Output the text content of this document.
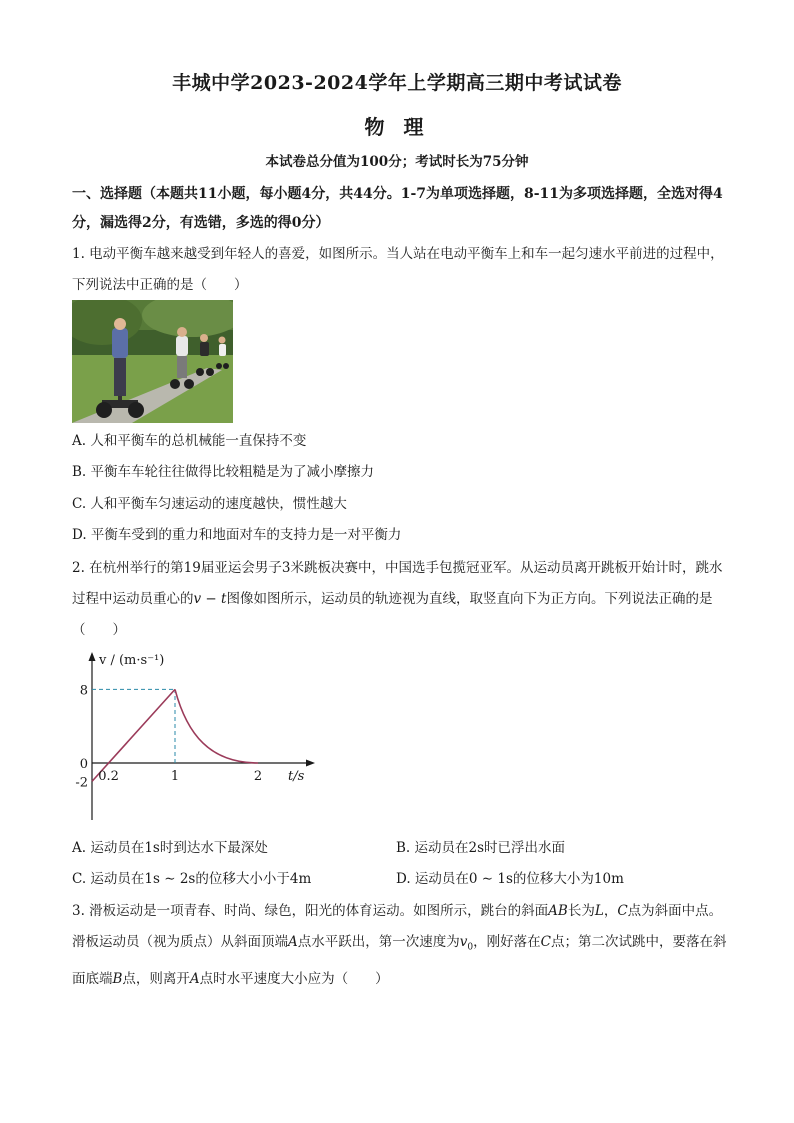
丰城中学2023-2024学年上学期高三期中考试试卷
物 理
本试卷总分值为100分；考试时长为75分钟
一、选择题（本题共11小题，每小题4分，共44分。1-7为单项选择题，8-11为多项选择题，全选对得4分，漏选得2分，有选错，多选的得0分）
1. 电动平衡车越来越受到年轻人的喜爱，如图所示。当人站在电动平衡车上和车一起匀速水平前进的过程中，下列说法中正确的是（　　）
A. 人和平衡车的总机械能一直保持不变
B. 平衡车车轮往往做得比较粗糙是为了减小摩擦力
C. 人和平衡车匀速运动的速度越快，惯性越大
D. 平衡车受到的重力和地面对车的支持力是一对平衡力
2. 在杭州举行的第19届亚运会男子3米跳板决赛中，中国选手包揽冠亚军。从运动员离开跳板开始计时，跳水过程中运动员重心的v − t图像如图所示，运动员的轨迹视为直线，取竖直向下为正方向。下列说法正确的是（　　）
v / (m·s⁻¹)
t/s
0.2	1	2
8
0
-2
A. 运动员在1s时到达水下最深处	B. 运动员在2s时已浮出水面
C. 运动员在1s ∼ 2s的位移大小小于4m	D. 运动员在0 ∼ 1s的位移大小为10m
3. 滑板运动是一项青春、时尚、绿色，阳光的体育运动。如图所示，跳台的斜面AB长为L，C点为斜面中点。滑板运动员（视为质点）从斜面顶端A点水平跃出，第一次速度为$v_0$，刚好落在C点；第二次试跳中，要落在斜面底端B点，则离开A点时水平速度大小应为（　　）
